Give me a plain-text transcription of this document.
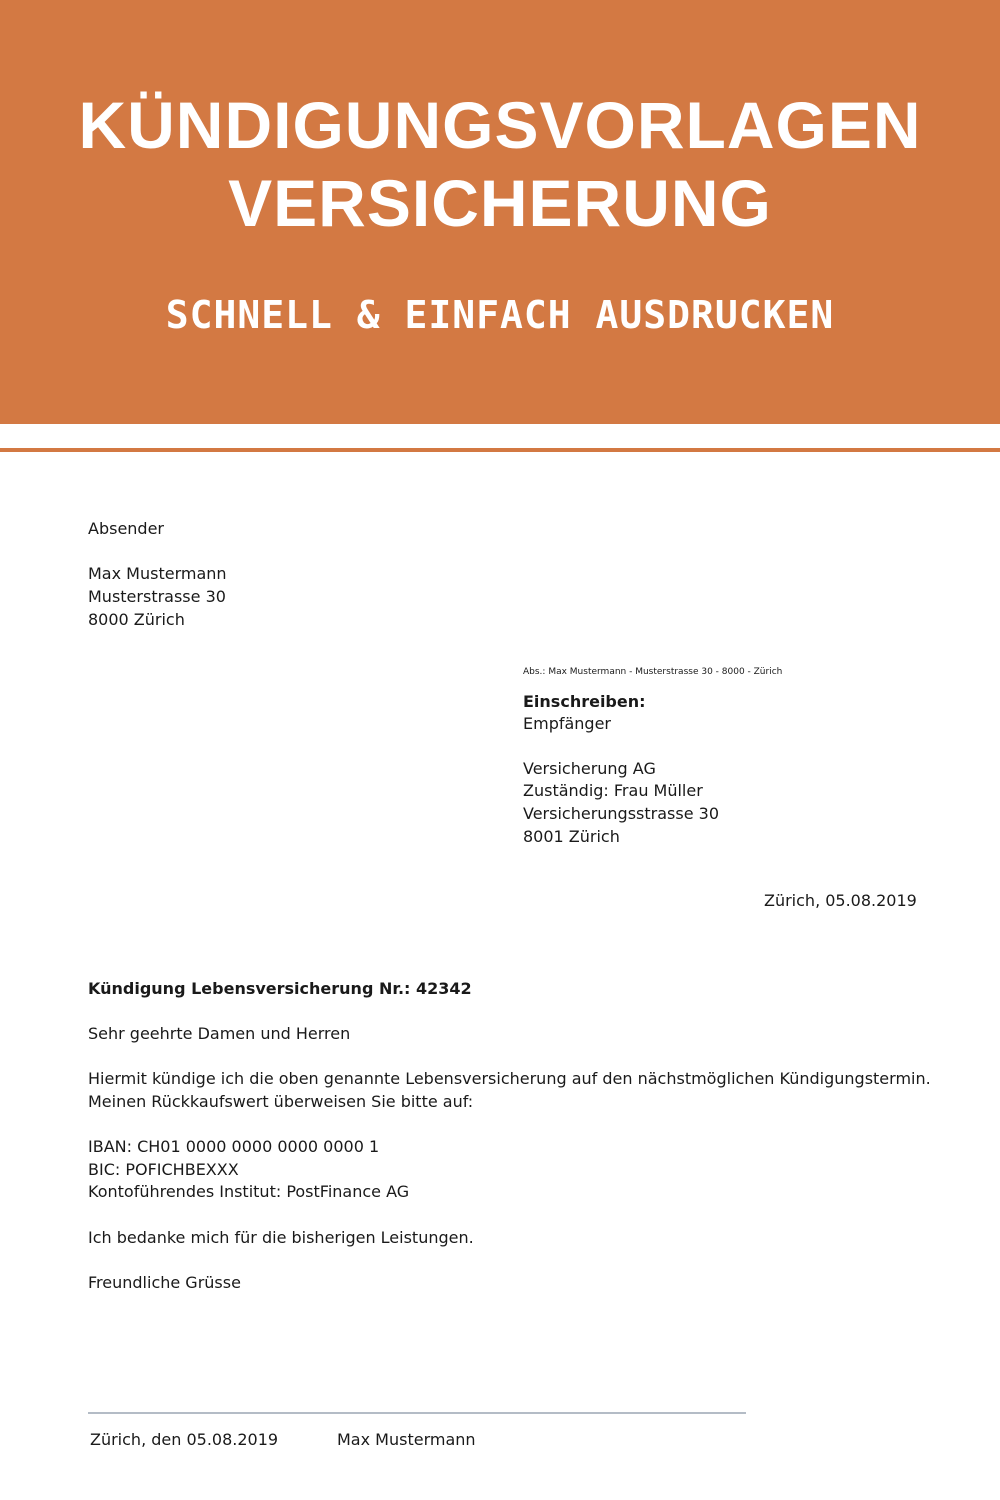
KÜNDIGUNGSVORLAGEN
VERSICHERUNG
SCHNELL & EINFACH AUSDRUCKEN
Absender
Max Mustermann
Musterstrasse 30
8000 Zürich
Abs.: Max Mustermann - Musterstrasse 30 - 8000 - Zürich
Einschreiben:
Empfänger
Versicherung AG
Zuständig: Frau Müller
Versicherungsstrasse 30
8001 Zürich
Zürich, 05.08.2019
Kündigung Lebensversicherung Nr.: 42342
Sehr geehrte Damen und Herren
Hiermit kündige ich die oben genannte Lebensversicherung auf den nächstmöglichen Kündigungstermin.
Meinen Rückkaufswert überweisen Sie bitte auf:
IBAN: CH01 0000 0000 0000 0000 1
BIC: POFICHBEXXX
Kontoführendes Institut: PostFinance AG
Ich bedanke mich für die bisherigen Leistungen.
Freundliche Grüsse
Zürich, den 05.08.2019	Max Mustermann
